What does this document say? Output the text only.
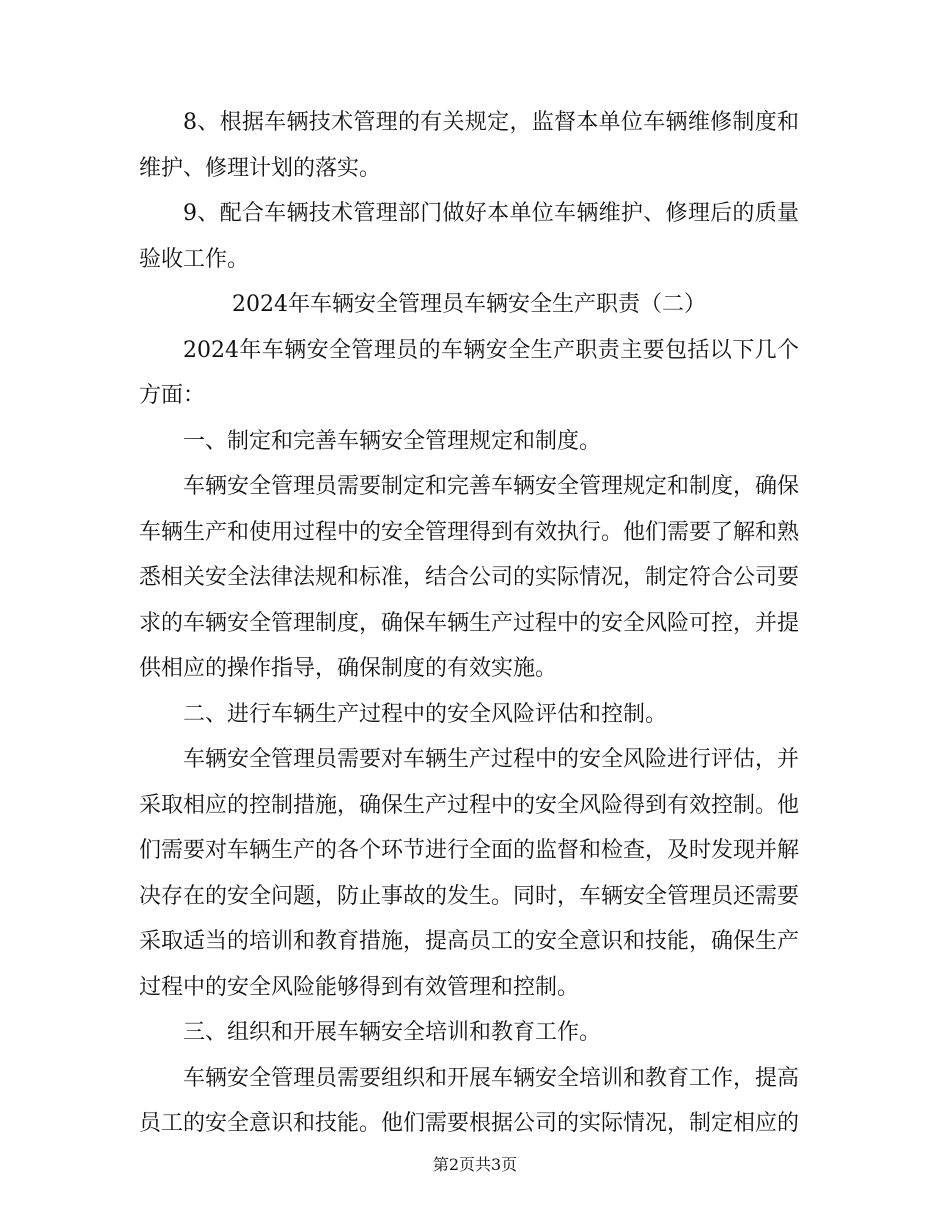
8、根据车辆技术管理的有关规定，监督本单位车辆维修制度和维护、修理计划的落实。

9、配合车辆技术管理部门做好本单位车辆维护、修理后的质量验收工作。

2024年车辆安全管理员车辆安全生产职责（二）

2024年车辆安全管理员的车辆安全生产职责主要包括以下几个方面：

一、制定和完善车辆安全管理规定和制度。

车辆安全管理员需要制定和完善车辆安全管理规定和制度，确保车辆生产和使用过程中的安全管理得到有效执行。他们需要了解和熟悉相关安全法律法规和标准，结合公司的实际情况，制定符合公司要求的车辆安全管理制度，确保车辆生产过程中的安全风险可控，并提供相应的操作指导，确保制度的有效实施。

二、进行车辆生产过程中的安全风险评估和控制。

车辆安全管理员需要对车辆生产过程中的安全风险进行评估，并采取相应的控制措施，确保生产过程中的安全风险得到有效控制。他们需要对车辆生产的各个环节进行全面的监督和检查，及时发现并解决存在的安全问题，防止事故的发生。同时，车辆安全管理员还需要采取适当的培训和教育措施，提高员工的安全意识和技能，确保生产过程中的安全风险能够得到有效管理和控制。

三、组织和开展车辆安全培训和教育工作。

车辆安全管理员需要组织和开展车辆安全培训和教育工作，提高员工的安全意识和技能。他们需要根据公司的实际情况，制定相应的

第2页共3页
